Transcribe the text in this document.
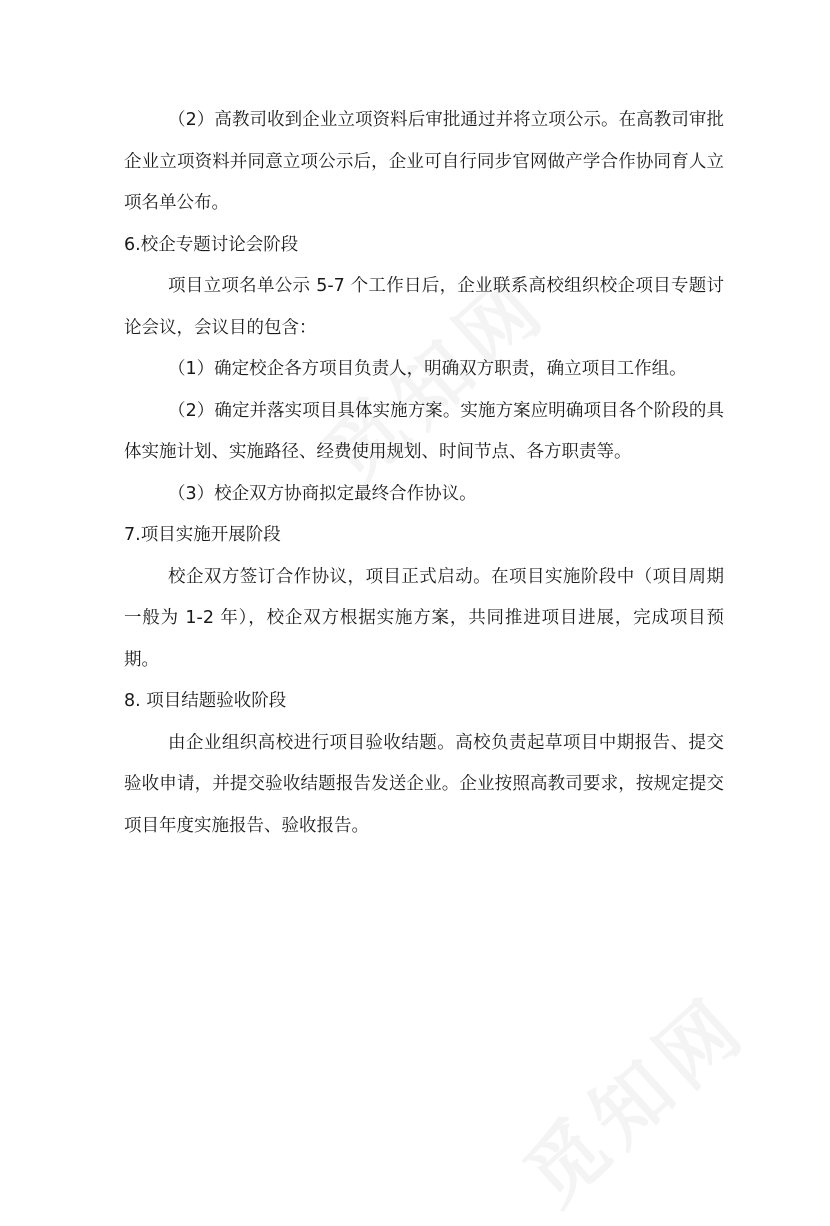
（2）高教司收到企业立项资料后审批通过并将立项公示。在高教司审批企业立项资料并同意立项公示后，企业可自行同步官网做产学合作协同育人立项名单公布。

6.校企专题讨论会阶段

项目立项名单公示 5-7 个工作日后，企业联系高校组织校企项目专题讨论会议，会议目的包含：

（1）确定校企各方项目负责人，明确双方职责，确立项目工作组。

（2）确定并落实项目具体实施方案。实施方案应明确项目各个阶段的具体实施计划、实施路径、经费使用规划、时间节点、各方职责等。

（3）校企双方协商拟定最终合作协议。

7.项目实施开展阶段

校企双方签订合作协议，项目正式启动。在项目实施阶段中（项目周期一般为 1-2 年），校企双方根据实施方案，共同推进项目进展，完成项目预期。

8. 项目结题验收阶段

由企业组织高校进行项目验收结题。高校负责起草项目中期报告、提交验收申请，并提交验收结题报告发送企业。企业按照高教司要求，按规定提交项目年度实施报告、验收报告。
